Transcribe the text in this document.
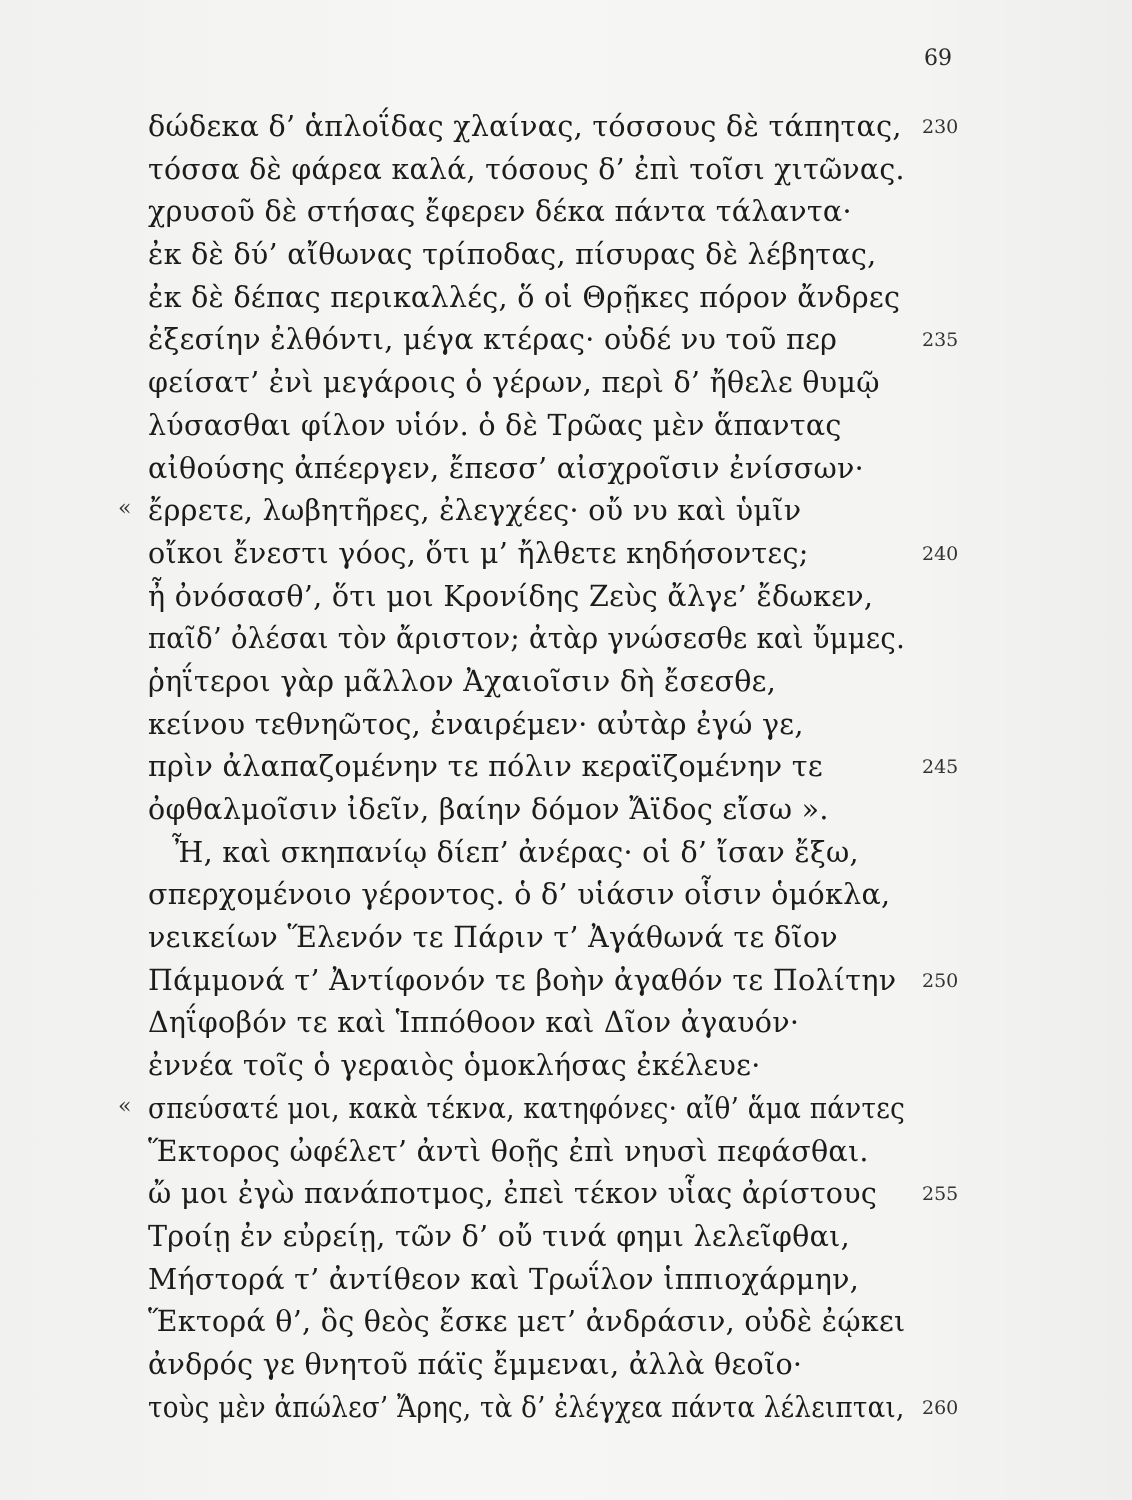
69
δώδεκα δ’ ἁπλοΐδας χλαίνας, τόσσους δὲ τάπητας, 230
τόσσα δὲ φάρεα καλά, τόσους δ’ ἐπὶ τοῖσι χιτῶνας.
χρυσοῦ δὲ στήσας ἔφερεν δέκα πάντα τάλαντα·
ἐκ δὲ δύ’ αἴθωνας τρίποδας, πίσυρας δὲ λέβητας,
ἐκ δὲ δέπας περικαλλές, ὅ οἱ Θρῇκες πόρον ἄνδρες
ἐξεσίην ἐλθόντι, μέγα κτέρας· οὐδέ νυ τοῦ περ	235
φείσατ’ ἐνὶ μεγάροις ὁ γέρων, περὶ δ’ ἤθελε θυμῷ
λύσασθαι φίλον υἱόν. ὁ δὲ Τρῶας μὲν ἅπαντας
αἰθούσης ἀπέεργεν, ἔπεσσ’ αἰσχροῖσιν ἐνίσσων·
« ἔρρετε, λωβητῆρες, ἐλεγχέες· οὔ νυ καὶ ὑμῖν
οἴκοι ἔνεστι γόος, ὅτι μ’ ἤλθετε κηδήσοντες;	240
ἦ ὀνόσασθ’, ὅτι μοι Κρονίδης Ζεὺς ἄλγε’ ἔδωκεν,
παῖδ’ ὀλέσαι τὸν ἄριστον; ἀτὰρ γνώσεσθε καὶ ὔμμες.
ῥηΐτεροι γὰρ μᾶλλον Ἀχαιοῖσιν δὴ ἔσεσθε,
κείνου τεθνηῶτος, ἐναιρέμεν· αὐτὰρ ἐγώ γε,
πρὶν ἀλαπαζομένην τε πόλιν κεραϊζομένην τε	245
ὀφθαλμοῖσιν ἰδεῖν, βαίην δόμον Ἄϊδος εἴσω ».
Ἦ, καὶ σκηπανίῳ δίεπ’ ἀνέρας· οἱ δ’ ἴσαν ἔξω,
σπερχομένοιο γέροντος. ὁ δ’ υἱάσιν οἷσιν ὁμόκλα,
νεικείων Ἕλενόν τε Πάριν τ’ Ἀγάθωνά τε δῖον
Πάμμονά τ’ Ἀντίφονόν τε βοὴν ἀγαθόν τε Πολίτην 250
Δηΐφοβόν τε καὶ Ἱππόθοον καὶ Δῖον ἀγαυόν·
ἐννέα τοῖς ὁ γεραιὸς ὁμοκλήσας ἐκέλευε·
« σπεύσατέ μοι, κακὰ τέκνα, κατηφόνες· αἴθ’ ἅμα πάντες
Ἕκτορος ὠφέλετ’ ἀντὶ θοῇς ἐπὶ νηυσὶ πεφάσθαι.
ὤ μοι ἐγὼ πανάποτμος, ἐπεὶ τέκον υἷας ἀρίστους 255
Τροίῃ ἐν εὐρείῃ, τῶν δ’ οὔ τινά φημι λελεῖφθαι,
Μήστορά τ’ ἀντίθεον καὶ Τρωΐλον ἱππιοχάρμην,
Ἕκτορά θ’, ὃς θεὸς ἔσκε μετ’ ἀνδράσιν, οὐδὲ ἐῴκει
ἀνδρός γε θνητοῦ πάϊς ἔμμεναι, ἀλλὰ θεοῖο·
τοὺς μὲν ἀπώλεσ’ Ἄρης, τὰ δ’ ἐλέγχεα πάντα λέλειπται, 260
